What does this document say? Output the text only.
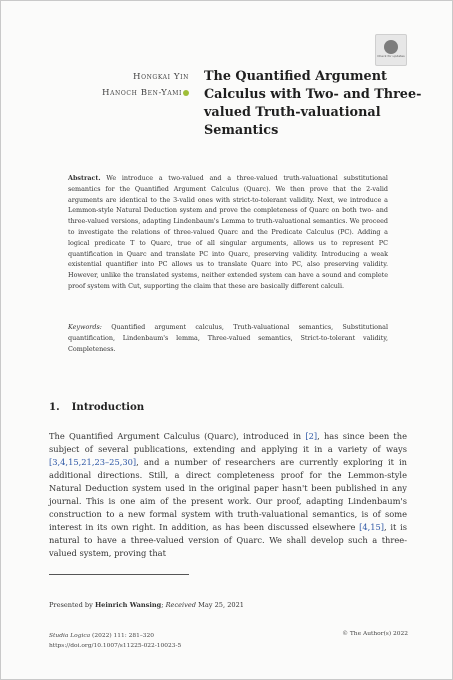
Check for updates
Hongkai Yin
Hanoch Ben-Yami
The Quantified Argument Calculus with Two- and Three-valued Truth-valuational Semantics
Abstract. We introduce a two-valued and a three-valued truth-valuational substitutional semantics for the Quantified Argument Calculus (Quarc). We then prove that the 2-valid arguments are identical to the 3-valid ones with strict-to-tolerant validity. Next, we introduce a Lemmon-style Natural Deduction system and prove the completeness of Quarc on both two- and three-valued versions, adapting Lindenbaum's Lemma to truth-valuational semantics. We proceed to investigate the relations of three-valued Quarc and the Predicate Calculus (PC). Adding a logical predicate T to Quarc, true of all singular arguments, allows us to represent PC quantification in Quarc and translate PC into Quarc, preserving validity. Introducing a weak existential quantifier into PC allows us to translate Quarc into PC, also preserving validity. However, unlike the translated systems, neither extended system can have a sound and complete proof system with Cut, supporting the claim that these are basically different calculi.
Keywords: Quantified argument calculus, Truth-valuational semantics, Substitutional quantification, Lindenbaum's lemma, Three-valued semantics, Strict-to-tolerant validity, Completeness.
1. Introduction
The Quantified Argument Calculus (Quarc), introduced in [2], has since been the subject of several publications, extending and applying it in a variety of ways [3,4,15,21,23–25,30], and a number of researchers are currently exploring it in additional directions. Still, a direct completeness proof for the Lemmon-style Natural Deduction system used in the original paper hasn't been published in any journal. This is one aim of the present work. Our proof, adapting Lindenbaum's construction to a new formal system with truth-valuational semantics, is of some interest in its own right. In addition, as has been discussed elsewhere [4,15], it is natural to have a three-valued version of Quarc. We shall develop such a three-valued system, proving that
Presented by Heinrich Wansing; Received May 25, 2021
Studia Logica (2022) 111: 281–320
https://doi.org/10.1007/s11225-022-10023-5
© The Author(s) 2022
